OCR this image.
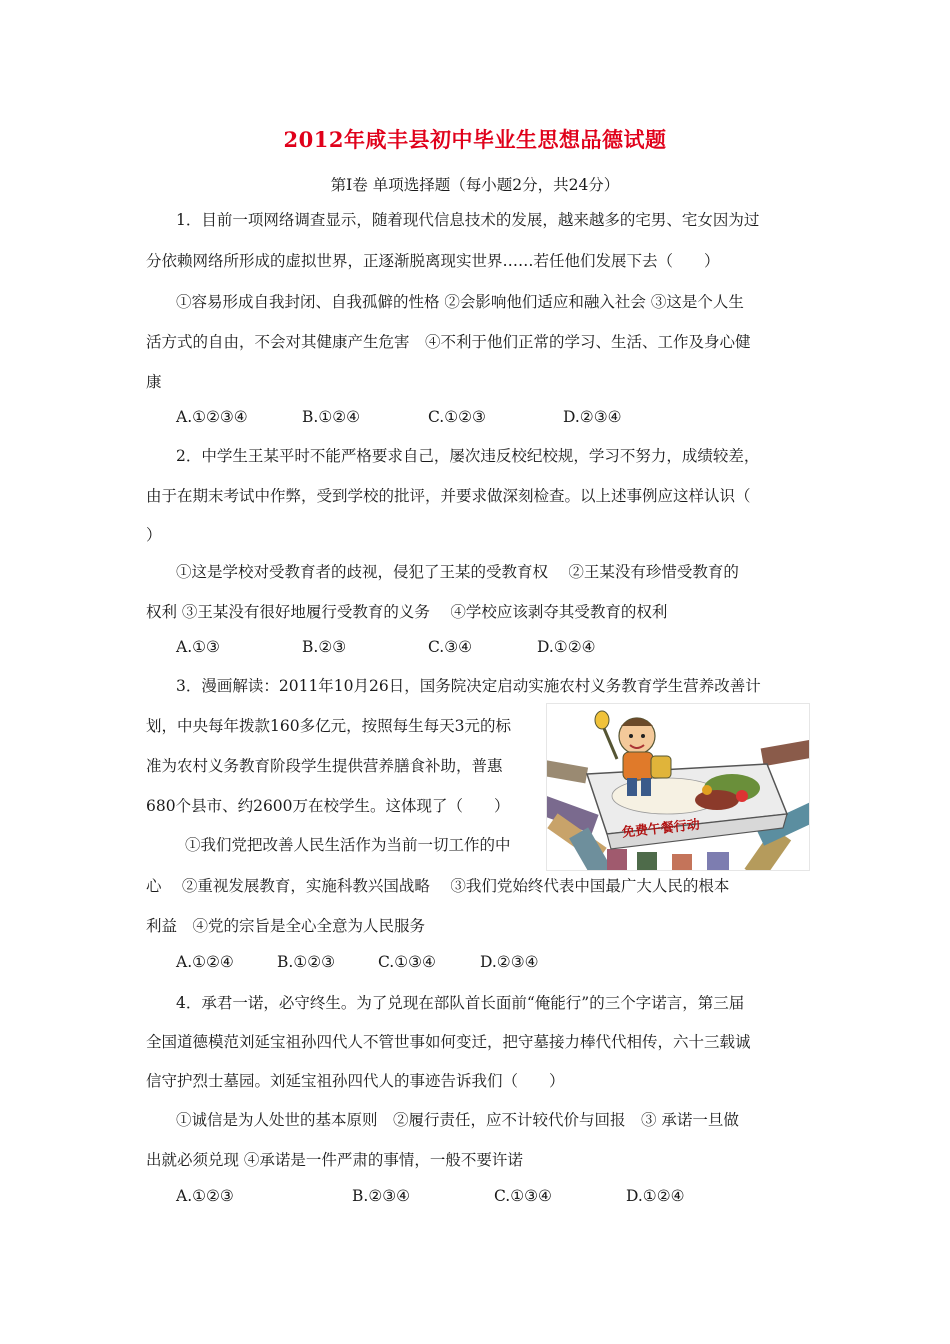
2012年咸丰县初中毕业生思想品德试题
第Ⅰ卷 单项选择题（每小题2分，共24分）
1．目前一项网络调查显示，随着现代信息技术的发展，越来越多的宅男、宅女因为过
分依赖网络所形成的虚拟世界，正逐渐脱离现实世界……若任他们发展下去（　　）
①容易形成自我封闭、自我孤僻的性格 ②会影响他们适应和融入社会 ③这是个人生
活方式的自由，不会对其健康产生危害　④不利于他们正常的学习、生活、工作及身心健
康
A.①②③④	B.①②④	C.①②③	D.②③④
2．中学生王某平时不能严格要求自己，屡次违反校纪校规，学习不努力，成绩较差，
由于在期末考试中作弊，受到学校的批评，并要求做深刻检查。以上述事例应这样认识（
）
①这是学校对受教育者的歧视，侵犯了王某的受教育权　 ②王某没有珍惜受教育的
权利 ③王某没有很好地履行受教育的义务　 ④学校应该剥夺其受教育的权利
A.①③	B.②③	C.③④	D.①②④
3．漫画解读：2011年10月26日，国务院决定启动实施农村义务教育学生营养改善计
划，中央每年拨款160多亿元，按照每生每天3元的标
准为农村义务教育阶段学生提供营养膳食补助，普惠
680个县市、约2600万在校学生。这体现了（　　）
①我们党把改善人民生活作为当前一切工作的中
心　 ②重视发展教育，实施科教兴国战略　 ③我们党始终代表中国最广大人民的根本
利益　④党的宗旨是全心全意为人民服务
A.①②④	B.①②③	C.①③④	D.②③④
免费午餐行动
4．承君一诺，必守终生。为了兑现在部队首长面前“俺能行”的三个字诺言，第三届
全国道德模范刘延宝祖孙四代人不管世事如何变迁，把守墓接力棒代代相传，六十三载诚
信守护烈士墓园。刘延宝祖孙四代人的事迹告诉我们（　　）
①诚信是为人处世的基本原则　②履行责任，应不计较代价与回报　③ 承诺一旦做
出就必须兑现 ④承诺是一件严肃的事情，一般不要许诺
A.①②③	B.②③④	C.①③④	D.①②④
